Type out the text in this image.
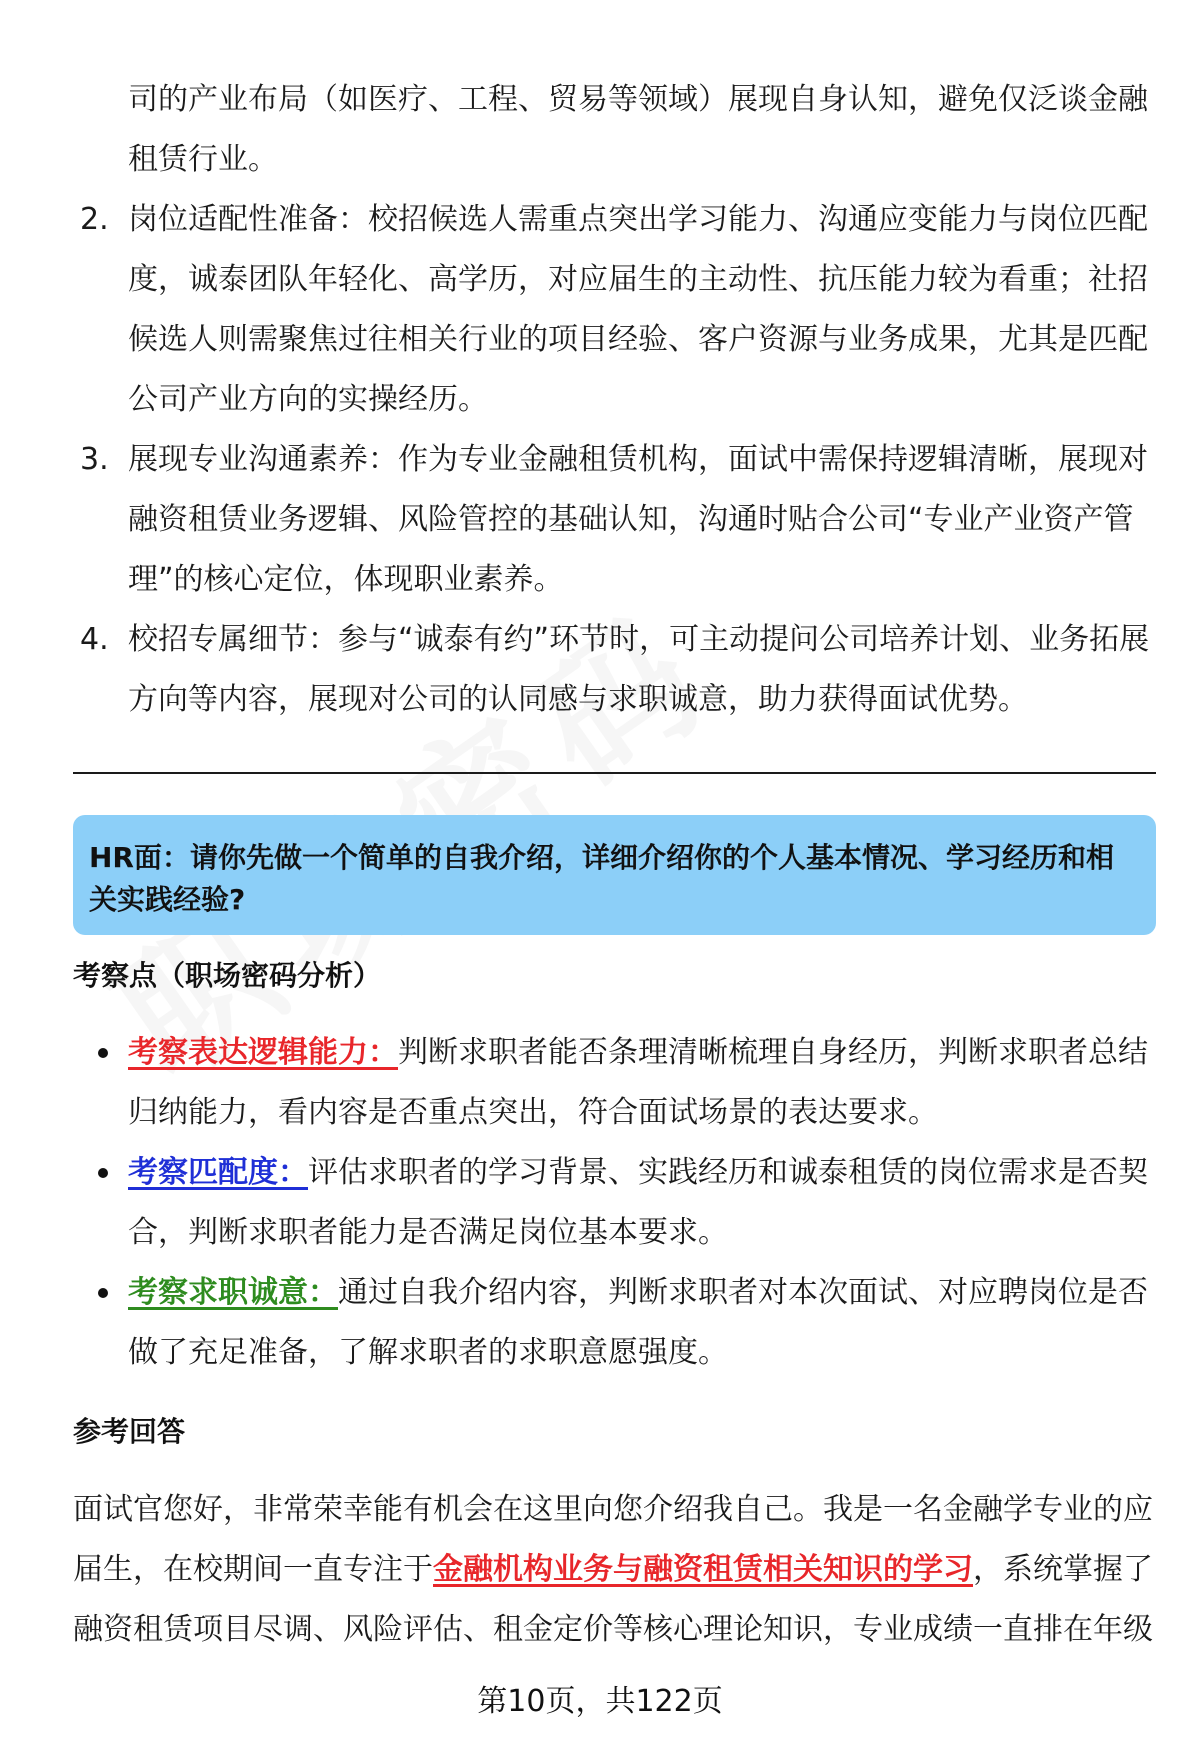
司的产业布局（如医疗、工程、贸易等领域）展现自身认知，避免仅泛谈金融租赁行业。
2. 岗位适配性准备：校招候选人需重点突出学习能力、沟通应变能力与岗位匹配度，诚泰团队年轻化、高学历，对应届生的主动性、抗压能力较为看重；社招候选人则需聚焦过往相关行业的项目经验、客户资源与业务成果，尤其是匹配公司产业方向的实操经历。
3. 展现专业沟通素养：作为专业金融租赁机构，面试中需保持逻辑清晰，展现对融资租赁业务逻辑、风险管控的基础认知，沟通时贴合公司“专业产业资产管理”的核心定位，体现职业素养。
4. 校招专属细节：参与“诚泰有约”环节时，可主动提问公司培养计划、业务拓展方向等内容，展现对公司的认同感与求职诚意，助力获得面试优势。
HR面：请你先做一个简单的自我介绍，详细介绍你的个人基本情况、学习经历和相关实践经验?
考察点（职场密码分析）
考察表达逻辑能力：判断求职者能否条理清晰梳理自身经历，判断求职者总结归纳能力，看内容是否重点突出，符合面试场景的表达要求。
考察匹配度：评估求职者的学习背景、实践经历和诚泰租赁的岗位需求是否契合，判断求职者能力是否满足岗位基本要求。
考察求职诚意：通过自我介绍内容，判断求职者对本次面试、对应聘岗位是否做了充足准备，了解求职者的求职意愿强度。
参考回答
面试官您好，非常荣幸能有机会在这里向您介绍我自己。我是一名金融学专业的应届生，在校期间一直专注于金融机构业务与融资租赁相关知识的学习，系统掌握了融资租赁项目尽调、风险评估、租金定价等核心理论知识，专业成绩一直排在年级
第10页，共122页
